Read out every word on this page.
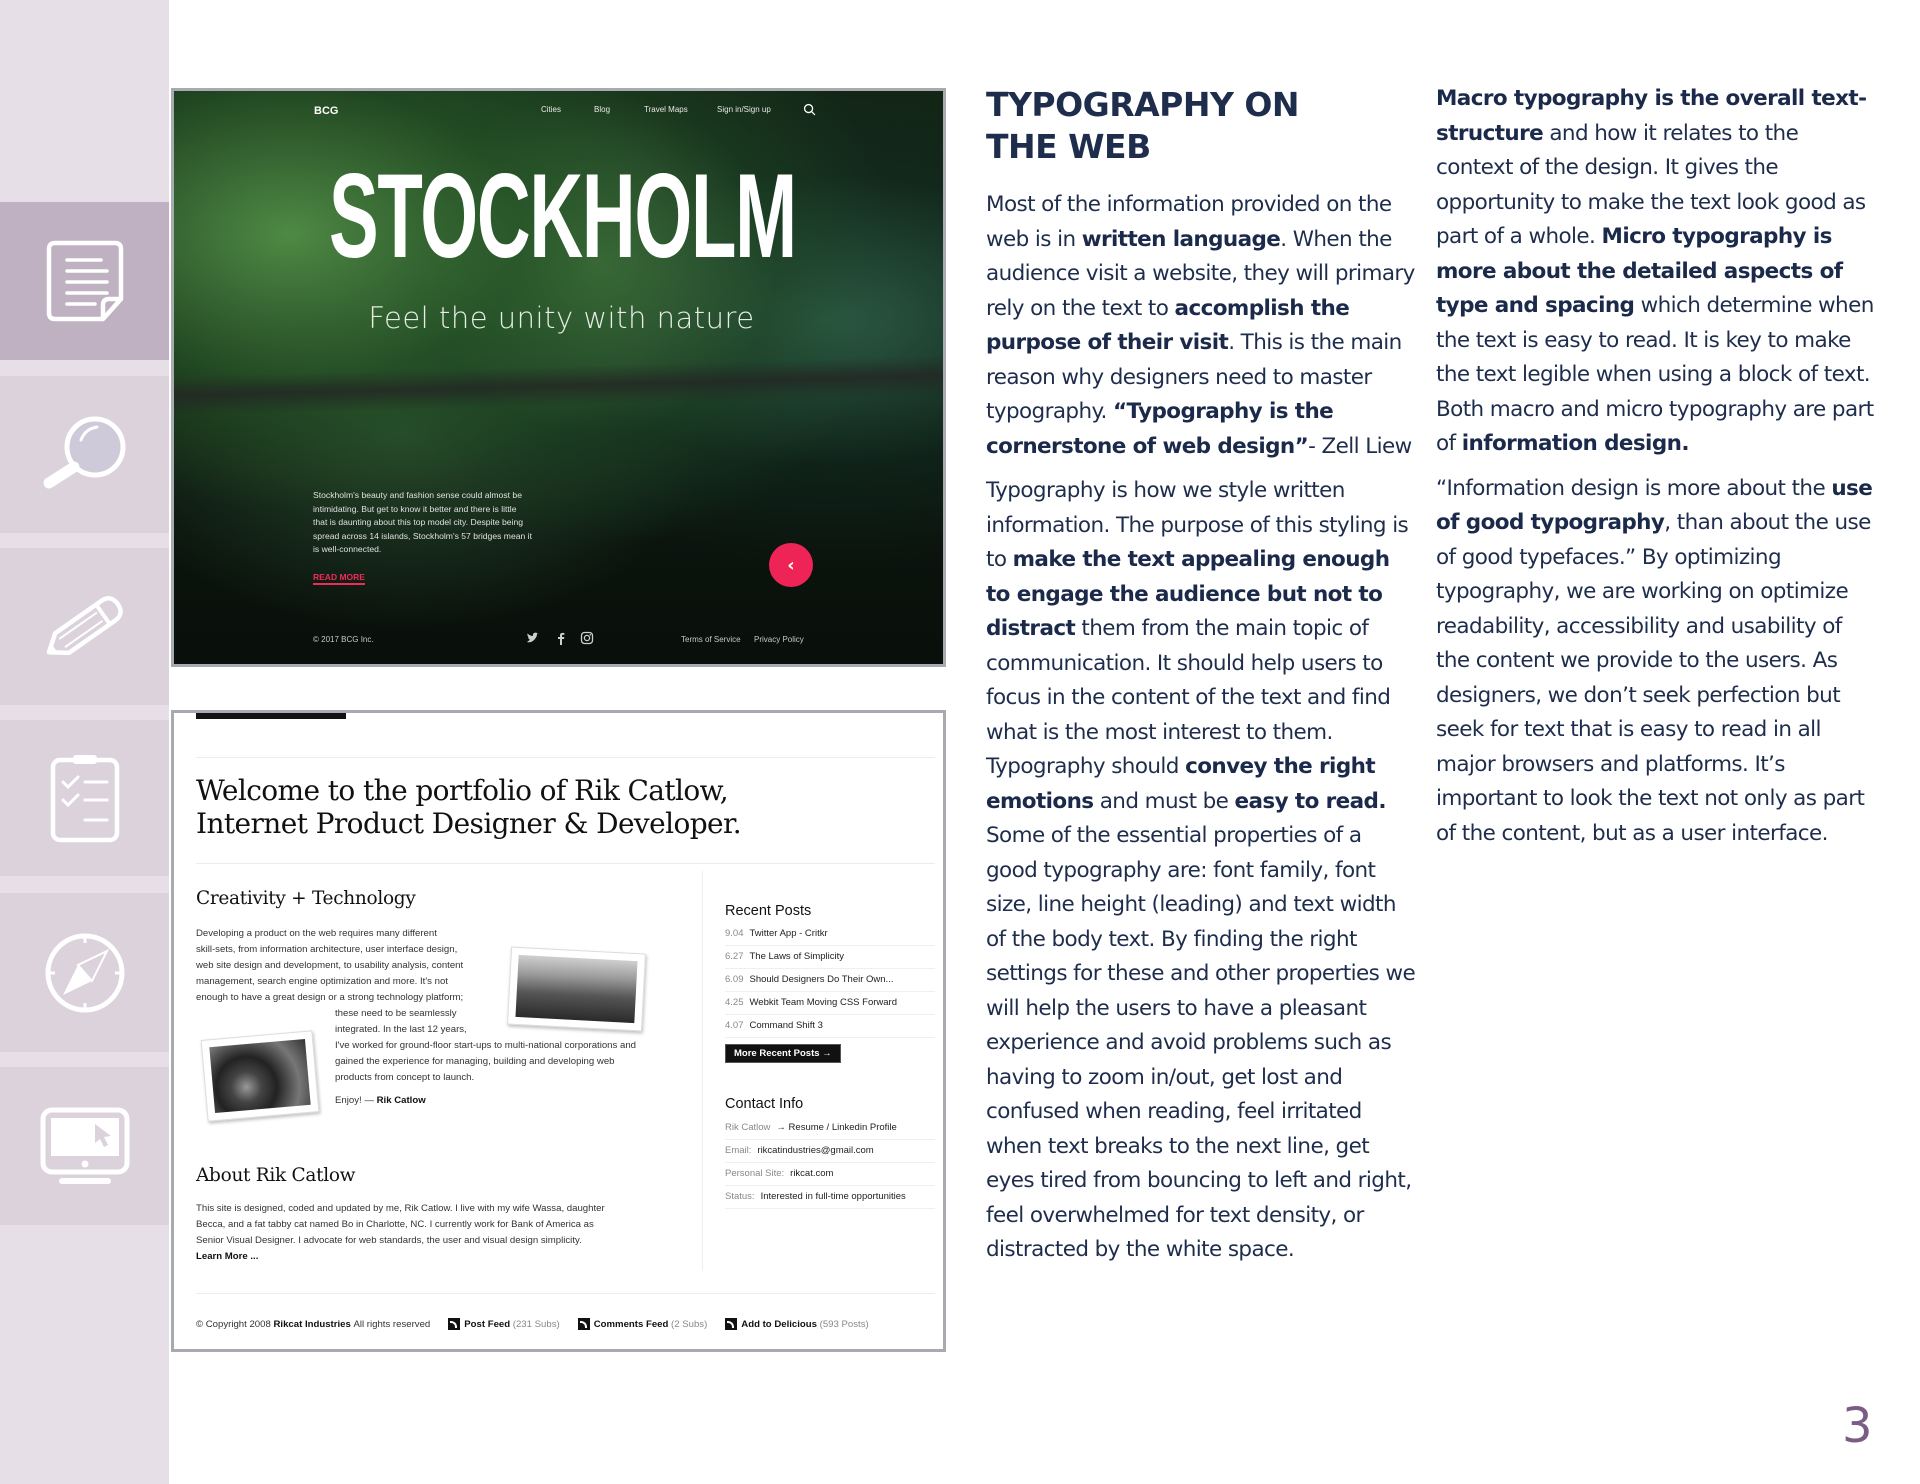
BCG	Cities	Blog	Travel Maps	Sign in/Sign up
STOCKHOLM
Feel the unity with nature
Stockholm's beauty and fashion sense could almost be intimidating. But get to know it better and there is little that is daunting about this top model city. Despite being spread across 14 islands, Stockholm's 57 bridges mean it is well-connected.
READ MORE
‹
© 2017 BCG Inc.	Terms of Service Privacy Policy
Welcome to the portfolio of Rik Catlow,
Internet Product Designer & Developer.
Creativity + Technology
Developing a product on the web requires many different
skill-sets, from information architecture, user interface design,
web site design and development, to usability analysis, content
management, search engine optimization and more. It's not
enough to have a great design or a strong technology platform;
these need to be seamlessly
integrated. In the last 12 years,
I've worked for ground-floor start-ups to multi-national corporations and
gained the experience for managing, building and developing web
products from concept to launch.
Enjoy! — Rik Catlow
About Rik Catlow
This site is designed, coded and updated by me, Rik Catlow. I live with my wife Wassa, daughter
Becca, and a fat tabby cat named Bo in Charlotte, NC. I currently work for Bank of America as
Senior Visual Designer. I advocate for web standards, the user and visual design simplicity.
Learn More ...
Recent Posts
9.04 Twitter App - Critkr
6.27 The Laws of Simplicity
6.09 Should Designers Do Their Own...
4.25 Webkit Team Moving CSS Forward
4.07 Command Shift 3
More Recent Posts →
Contact Info
Rik Catlow → Resume / Linkedin Profile
Email: rikcatindustries@gmail.com
Personal Site: rikcat.com
Status: Interested in full-time opportunities
© Copyright 2008
Rikcat Industries
All rights reserved	Post Feed
(231 Subs)	Comments Feed
(2 Subs)	Add to Delicious
(593 Posts)
TYPOGRAPHY ON
THE WEB

Most of the information provided on the web is in written language. When the audience visit a website, they will primary rely on the text to accomplish the purpose of their visit. This is the main reason why designers need to master typography. “Typography is the cornerstone of web design”- Zell Liew

Typography is how we style written information. The purpose of this styling is to make the text appealing enough to engage the audience but not to distract them from the main topic of communication. It should help users to focus in the content of the text and find what is the most interest to them. Typography should convey the right emotions and must be easy to read. Some of the essential properties of a good typography are: font family, font size, line height (leading) and text width of the body text. By finding the right settings for these and other properties we will help the users to have a pleasant experience and avoid problems such as having to zoom in/out, get lost and confused when reading, feel irritated when text breaks to the next line, get eyes tired from bouncing to left and right, feel overwhelmed for text density, or distracted by the white space.

Macro typography is the overall text-structure and how it relates to the context of the design. It gives the opportunity to make the text look good as part of a whole. Micro typography is more about the detailed aspects of type and spacing which determine when the text is easy to read. It is key to make the text legible when using a block of text. Both macro and micro typography are part of information design.

“Information design is more about the use of good typography, than about the use of good typefaces.” By optimizing typography, we are working on optimize readability, accessibility and usability of the content we provide to the users. As designers, we don’t seek perfection but seek for text that is easy to read in all major browsers and platforms. It’s important to look the text not only as part of the content, but as a user interface.

3
